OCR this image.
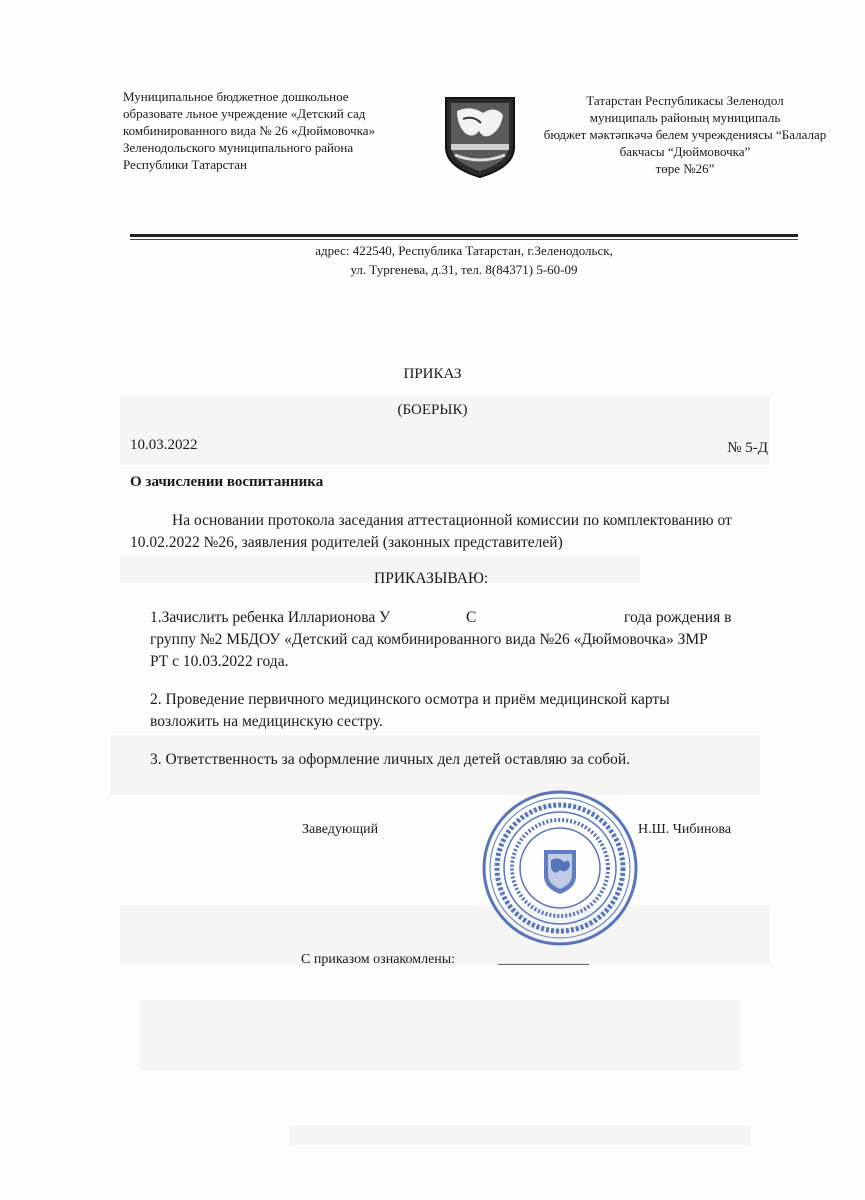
Муниципальное бюджетное дошкольное
образовате льное учреждение «Детский сад
комбинированного вида № 26 «Дюймовочка»
Зеленодольского муниципального района
Республики Татарстан
Татарстан Республикасы Зеленодол
муниципаль районың муниципаль
бюджет мәктәпкәчә белем учреждениясы “Балалар
бакчасы “Дюймовочка”
төре №26”
адрес: 422540, Республика Татарстан, г.Зеленодольск,
ул. Тургенева, д.31, тел. 8(84371) 5-60-09
ПРИКАЗ
(БОЕРЫК)
10.03.2022	№ 5-Д
О зачислении воспитанника
На основании протокола заседания аттестационной комиссии по комплектованию от
10.02.2022 №26, заявления родителей (законных представителей)
ПРИКАЗЫВАЮ:
1.Зачислить ребенка Илларионова У	С	года рождения в
группу №2 МБДОУ «Детский сад комбинированного вида №26 «Дюймовочка» ЗМР
РТ с 10.03.2022 года.
2. Проведение первичного медицинского осмотра и приём медицинской карты
возложить на медицинскую сестру.
3. Ответственность за оформление личных дел детей оставляю за собой.
Заведующий	Н.Ш. Чибинова
С приказом ознакомлены:	_____________
